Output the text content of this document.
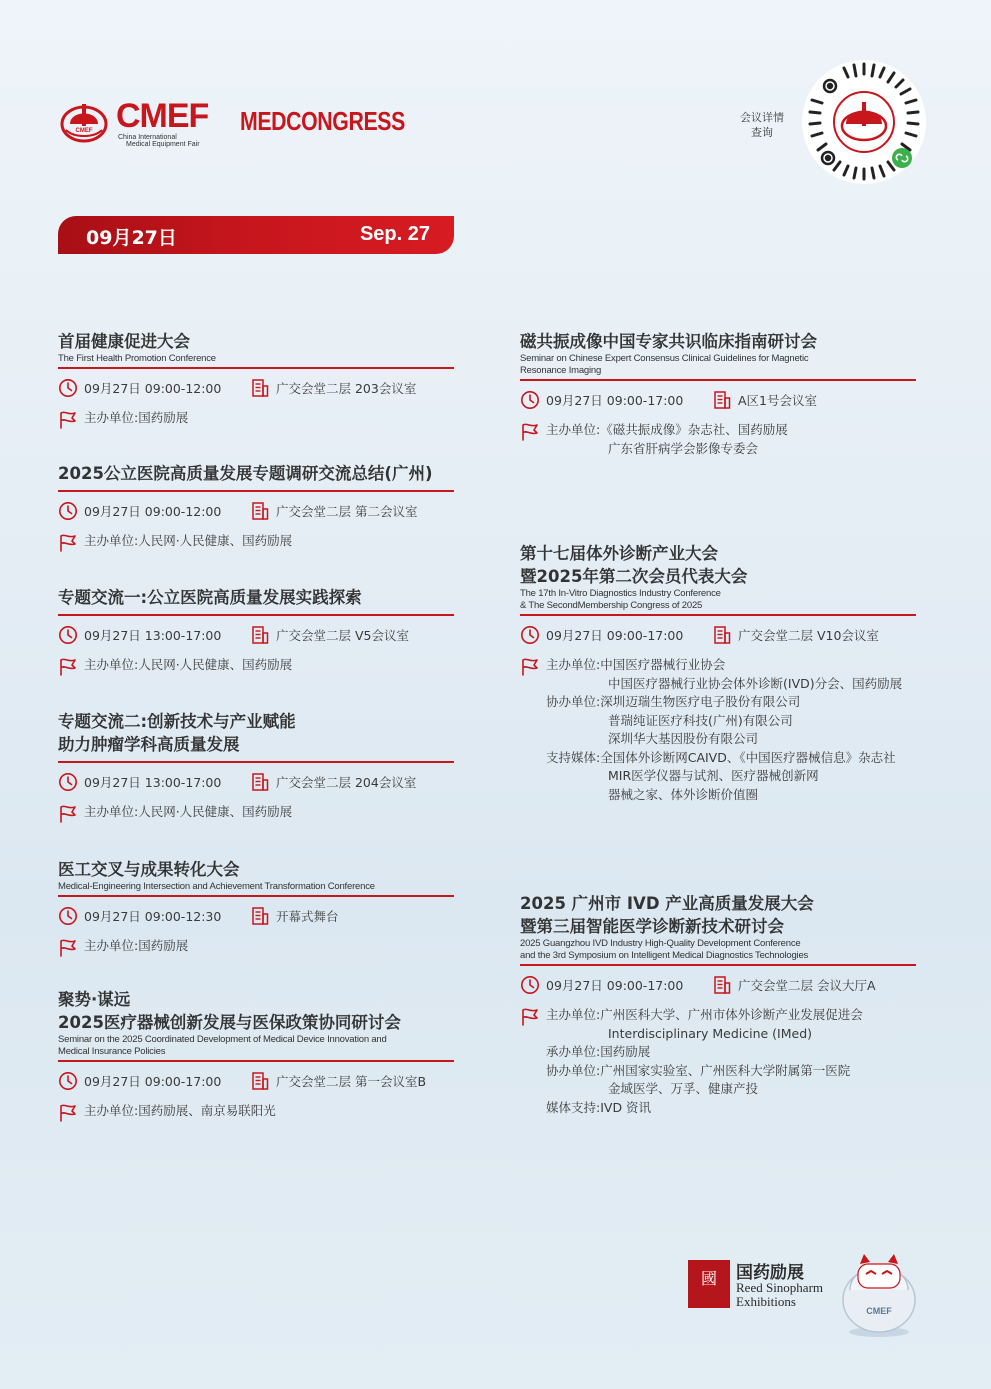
CMEF CMEF
China International
Medical Equipment Fair
MEDCONGRESS	会议详情
查询
09月27日	Sep. 27
首届健康促进大会
The First Health Promotion Conference
09月27日 09:00-12:00	广交会堂二层 203会议室
主办单位:国药励展
2025公立医院高质量发展专题调研交流总结(广州)
09月27日 09:00-12:00	广交会堂二层 第二会议室
主办单位:人民网·人民健康、国药励展
专题交流一:公立医院高质量发展实践探索
09月27日 13:00-17:00	广交会堂二层 V5会议室
主办单位:人民网·人民健康、国药励展
专题交流二:创新技术与产业赋能
助力肿瘤学科高质量发展
09月27日 13:00-17:00	广交会堂二层 204会议室
主办单位:人民网·人民健康、国药励展
医工交叉与成果转化大会
Medical-Engineering Intersection and Achievement Transformation Conference
09月27日 09:00-12:30	开幕式舞台
主办单位:国药励展
聚势·谋远
2025医疗器械创新发展与医保政策协同研讨会
Seminar on the 2025 Coordinated Development of Medical Device Innovation and
Medical Insurance Policies
09月27日 09:00-17:00	广交会堂二层 第一会议室B
主办单位:国药励展、南京易联阳光
磁共振成像中国专家共识临床指南研讨会
Seminar on Chinese Expert Consensus Clinical Guidelines for Magnetic
Resonance Imaging
09月27日 09:00-17:00	A区1号会议室
主办单位: 《磁共振成像》杂志社、国药励展
广东省肝病学会影像专委会
第十七届体外诊断产业大会
暨2025年第二次会员代表大会
The 17th In-Vitro Diagnostics Industry Conference
& The SecondMembership Congress of 2025
09月27日 09:00-17:00	广交会堂二层 V10会议室
主办单位: 中国医疗器械行业协会
中国医疗器械行业协会体外诊断(IVD)分会、国药励展
协办单位: 深圳迈瑞生物医疗电子股份有限公司
普瑞纯证医疗科技(广州)有限公司
深圳华大基因股份有限公司
支持媒体: 全国体外诊断网CAIVD、《中国医疗器械信息》杂志社
MIR医学仪器与试剂、医疗器械创新网
器械之家、体外诊断价值圈
2025 广州市 IVD 产业高质量发展大会
暨第三届智能医学诊断新技术研讨会
2025 Guangzhou IVD Industry High-Quality Development Conference
and the 3rd Symposium on Intelligent Medical Diagnostics Technologies
09月27日 09:00-17:00	广交会堂二层 会议大厅A
主办单位: 广州医科大学、广州市体外诊断产业发展促进会
Interdisciplinary Medicine (IMed)
承办单位: 国药励展
协办单位: 广州国家实验室、广州医科大学附属第一医院
金域医学、万孚、健康产投
媒体支持: IVD 资讯
國	国药励展
Reed Sinopharm
Exhibitions
CMEF
